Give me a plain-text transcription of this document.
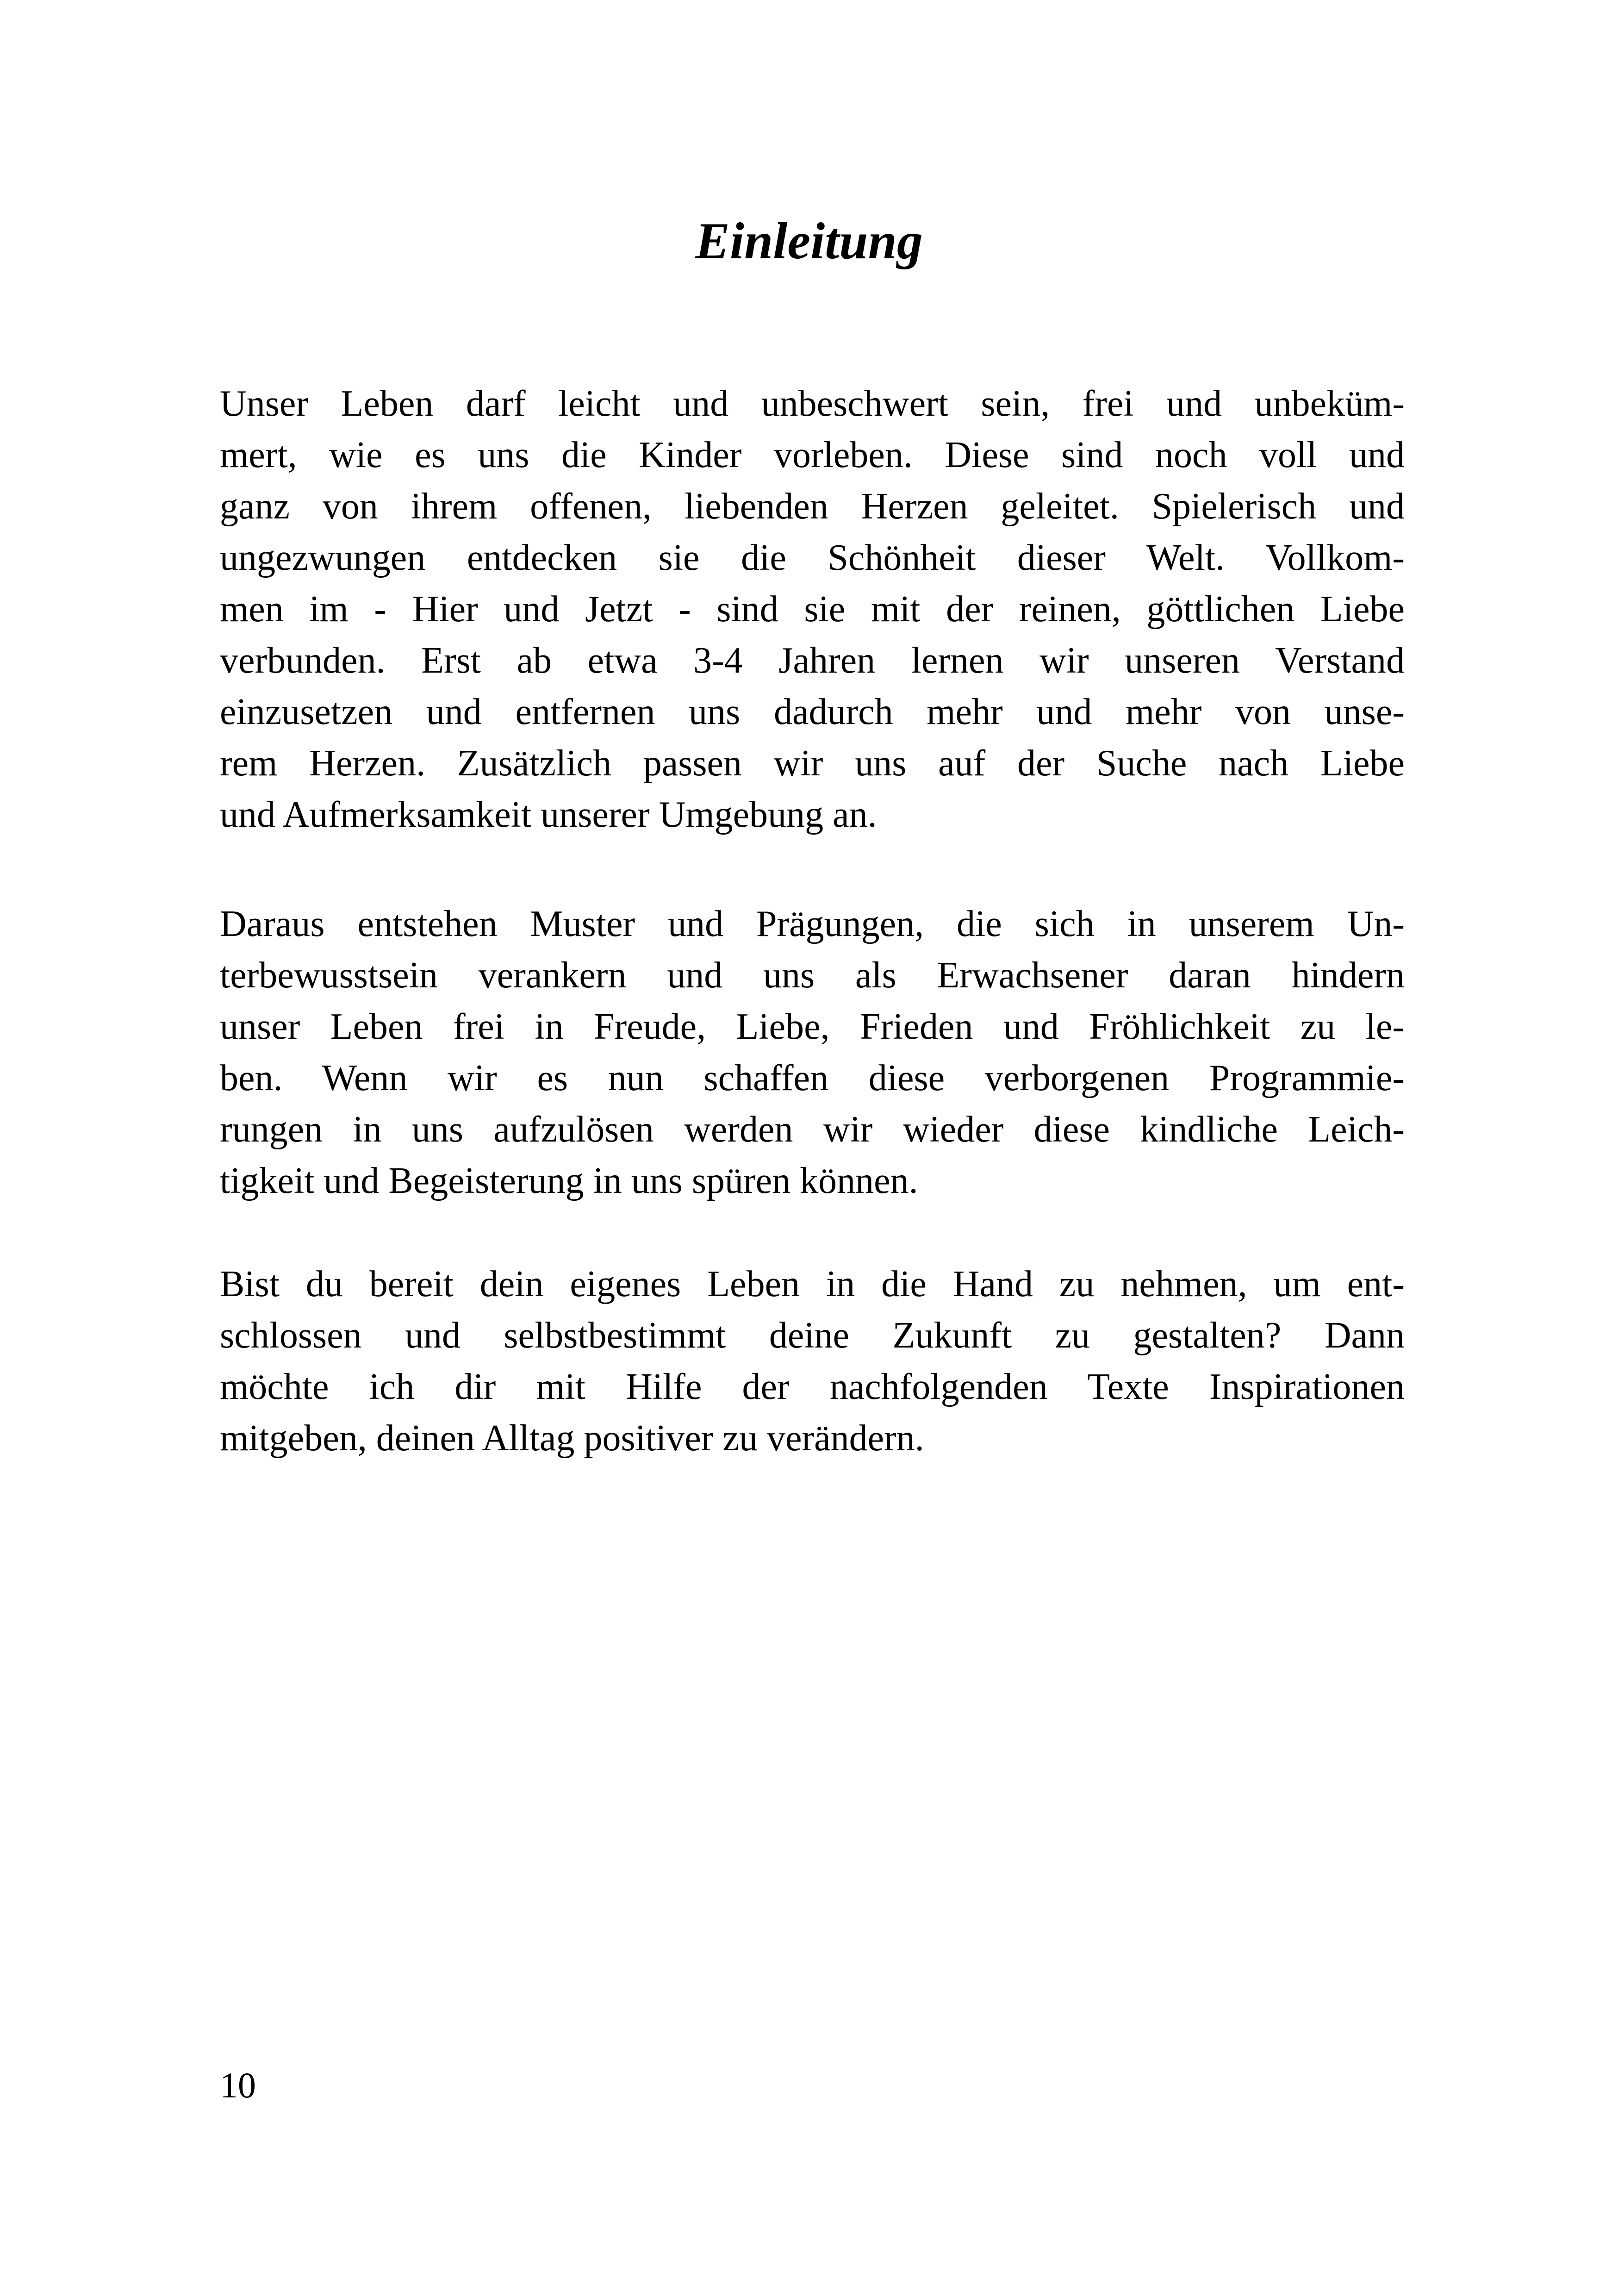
Einleitung

Unser Leben darf leicht und unbeschwert sein, frei und unbeküm-
mert, wie es uns die Kinder vorleben. Diese sind noch voll und
ganz von ihrem offenen, liebenden Herzen geleitet. Spielerisch und
ungezwungen entdecken sie die Schönheit dieser Welt. Vollkom-
men im - Hier und Jetzt - sind sie mit der reinen, göttlichen Liebe
verbunden. Erst ab etwa 3-4 Jahren lernen wir unseren Verstand
einzusetzen und entfernen uns dadurch mehr und mehr von unse-
rem Herzen. Zusätzlich passen wir uns auf der Suche nach Liebe
und Aufmerksamkeit unserer Umgebung an.

Daraus entstehen Muster und Prägungen, die sich in unserem Un-
terbewusstsein verankern und uns als Erwachsener daran hindern
unser Leben frei in Freude, Liebe, Frieden und Fröhlichkeit zu le-
ben. Wenn wir es nun schaffen diese verborgenen Programmie-
rungen in uns aufzulösen werden wir wieder diese kindliche Leich-
tigkeit und Begeisterung in uns spüren können.

Bist du bereit dein eigenes Leben in die Hand zu nehmen, um ent-
schlossen und selbstbestimmt deine Zukunft zu gestalten? Dann
möchte ich dir mit Hilfe der nachfolgenden Texte Inspirationen
mitgeben, deinen Alltag positiver zu verändern.

10
